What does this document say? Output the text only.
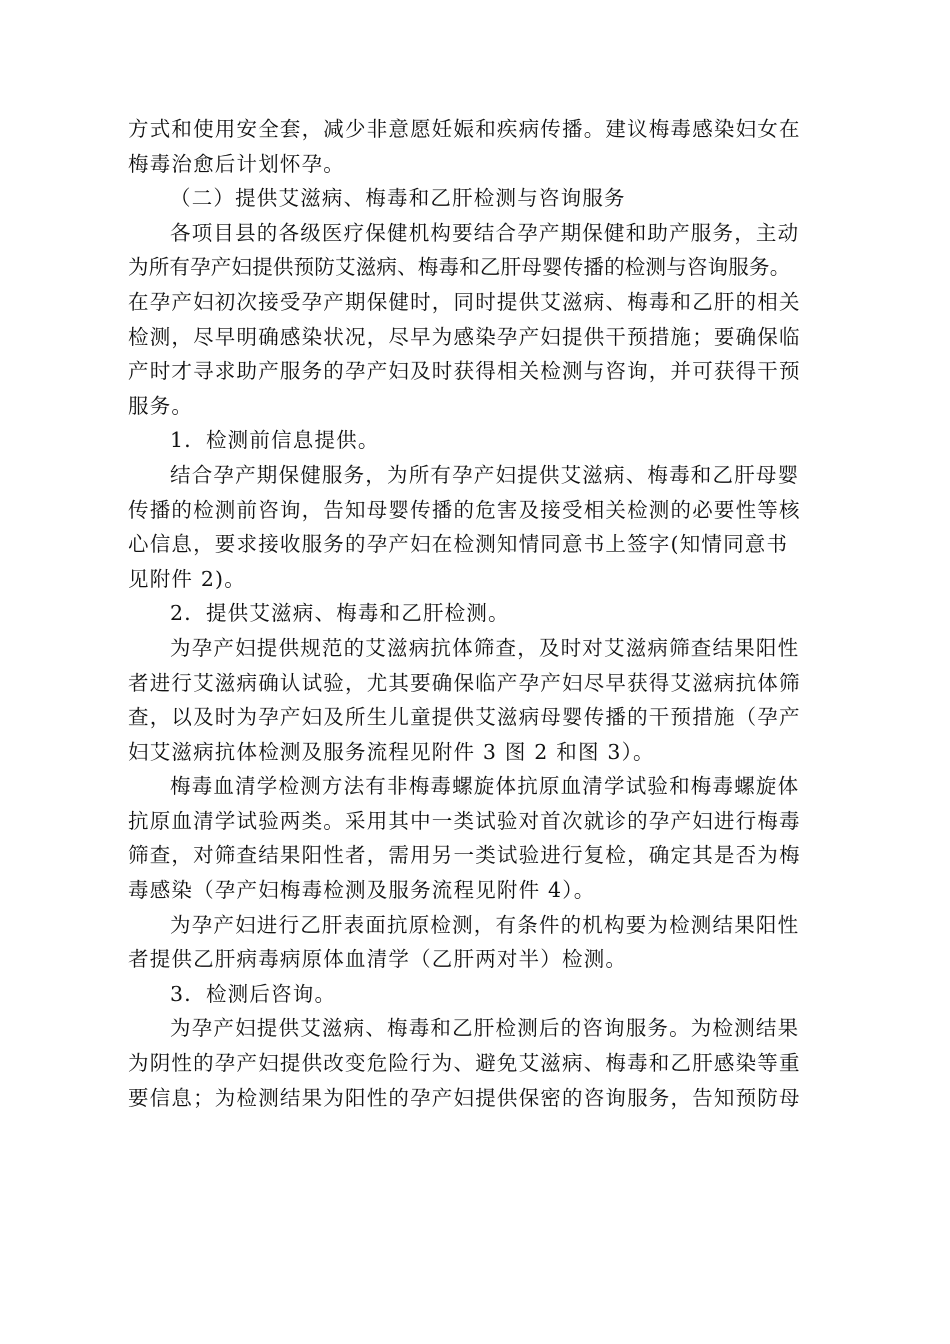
方式和使用安全套，减少非意愿妊娠和疾病传播。建议梅毒感染妇女在
梅毒治愈后计划怀孕。
（二）提供艾滋病、梅毒和乙肝检测与咨询服务
各项目县的各级医疗保健机构要结合孕产期保健和助产服务，主动
为所有孕产妇提供预防艾滋病、梅毒和乙肝母婴传播的检测与咨询服务。
在孕产妇初次接受孕产期保健时，同时提供艾滋病、梅毒和乙肝的相关
检测，尽早明确感染状况，尽早为感染孕产妇提供干预措施；要确保临
产时才寻求助产服务的孕产妇及时获得相关检测与咨询，并可获得干预
服务。
1．检测前信息提供。
结合孕产期保健服务，为所有孕产妇提供艾滋病、梅毒和乙肝母婴
传播的检测前咨询，告知母婴传播的危害及接受相关检测的必要性等核
心信息，要求接收服务的孕产妇在检测知情同意书上签字(知情同意书
见附件 2)。
2．提供艾滋病、梅毒和乙肝检测。
为孕产妇提供规范的艾滋病抗体筛查，及时对艾滋病筛查结果阳性
者进行艾滋病确认试验，尤其要确保临产孕产妇尽早获得艾滋病抗体筛
查，以及时为孕产妇及所生儿童提供艾滋病母婴传播的干预措施（孕产
妇艾滋病抗体检测及服务流程见附件 3 图 2 和图 3）。
梅毒血清学检测方法有非梅毒螺旋体抗原血清学试验和梅毒螺旋体
抗原血清学试验两类。采用其中一类试验对首次就诊的孕产妇进行梅毒
筛查，对筛查结果阳性者，需用另一类试验进行复检，确定其是否为梅
毒感染（孕产妇梅毒检测及服务流程见附件 4）。
为孕产妇进行乙肝表面抗原检测，有条件的机构要为检测结果阳性
者提供乙肝病毒病原体血清学（乙肝两对半）检测。
3．检测后咨询。
为孕产妇提供艾滋病、梅毒和乙肝检测后的咨询服务。为检测结果
为阴性的孕产妇提供改变危险行为、避免艾滋病、梅毒和乙肝感染等重
要信息；为检测结果为阳性的孕产妇提供保密的咨询服务，告知预防母
